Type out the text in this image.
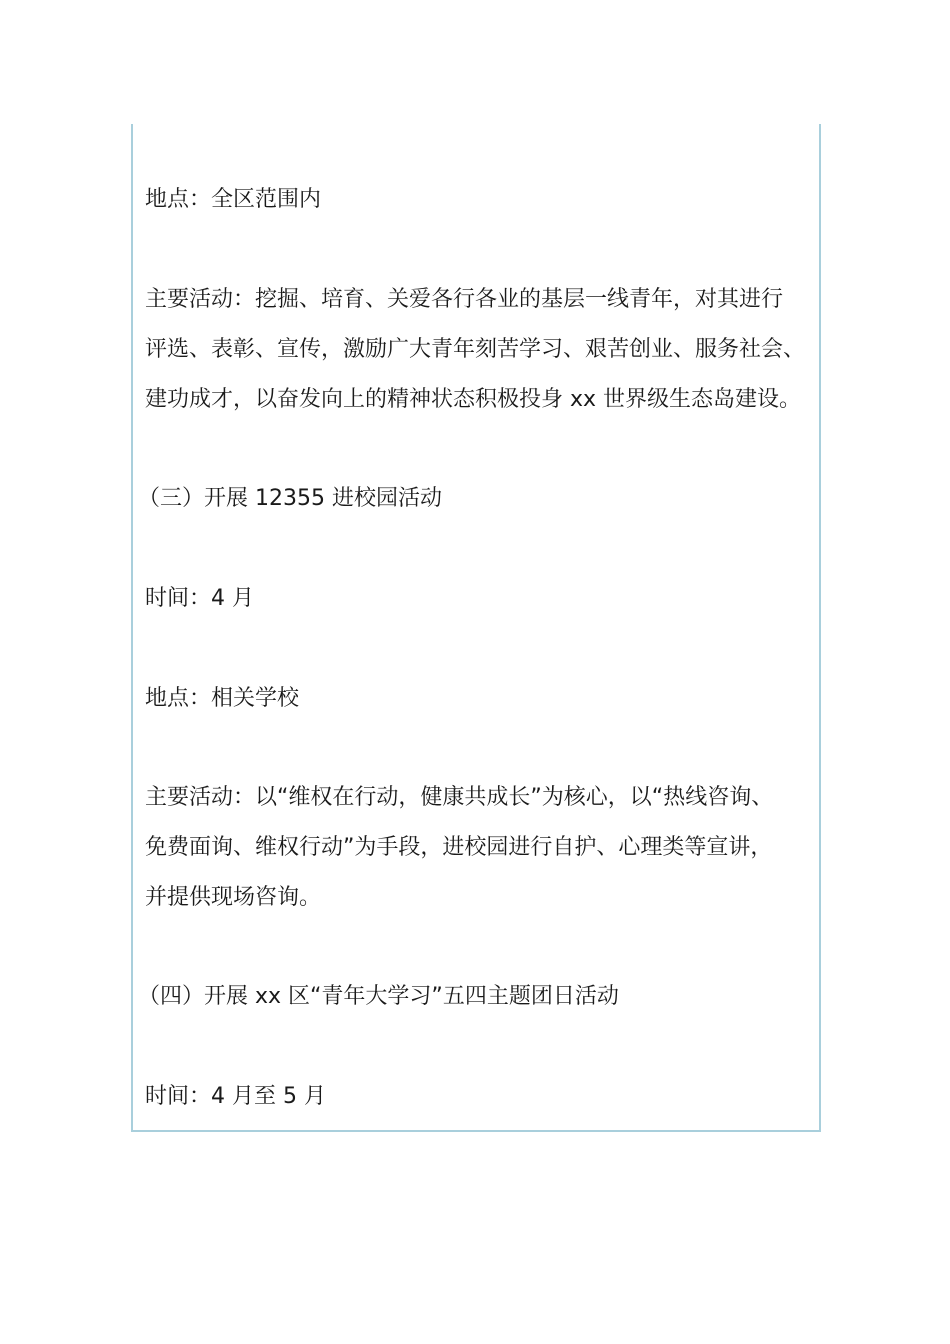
地点：全区范围内
主要活动：挖掘、培育、关爱各行各业的基层一线青年，对其进行
评选、表彰、宣传，激励广大青年刻苦学习、艰苦创业、服务社会、
建功成才，以奋发向上的精神状态积极投身 xx 世界级生态岛建设。
（三）开展 12355 进校园活动
时间：4 月
地点：相关学校
主要活动：以“维权在行动，健康共成长”为核心，以“热线咨询、
免费面询、维权行动”为手段，进校园进行自护、心理类等宣讲，
并提供现场咨询。
（四）开展 xx 区“青年大学习”五四主题团日活动
时间：4 月至 5 月
